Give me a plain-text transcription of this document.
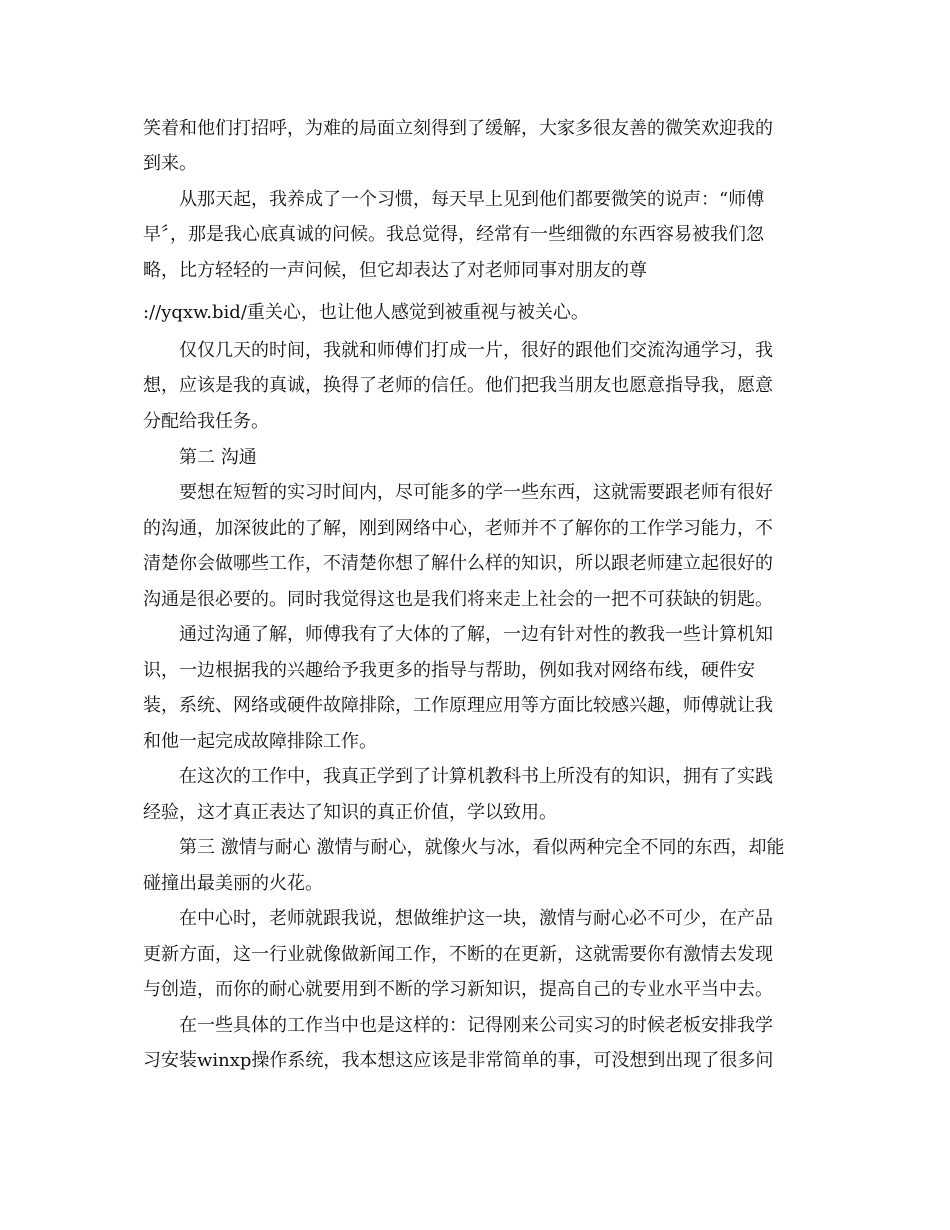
笑着和他们打招呼，为难的局面立刻得到了缓解，大家多很友善的微笑欢迎我的

到来。

从那天起，我养成了一个习惯，每天早上见到他们都要微笑的说声：“师傅

早〞，那是我心底真诚的问候。我总觉得，经常有一些细微的东西容易被我们忽

略，比方轻轻的一声问候，但它却表达了对老师同事对朋友的尊

://yqxw.bid/重关心，也让他人感觉到被重视与被关心。

仅仅几天的时间，我就和师傅们打成一片，很好的跟他们交流沟通学习，我

想，应该是我的真诚，换得了老师的信任。他们把我当朋友也愿意指导我，愿意

分配给我任务。

第二 沟通

要想在短暂的实习时间内，尽可能多的学一些东西，这就需要跟老师有很好

的沟通，加深彼此的了解，刚到网络中心，老师并不了解你的工作学习能力，不

清楚你会做哪些工作，不清楚你想了解什么样的知识，所以跟老师建立起很好的

沟通是很必要的。同时我觉得这也是我们将来走上社会的一把不可获缺的钥匙。

通过沟通了解，师傅我有了大体的了解，一边有针对性的教我一些计算机知

识，一边根据我的兴趣给予我更多的指导与帮助，例如我对网络布线，硬件安

装，系统、网络或硬件故障排除，工作原理应用等方面比较感兴趣，师傅就让我

和他一起完成故障排除工作。

在这次的工作中，我真正学到了计算机教科书上所没有的知识，拥有了实践

经验，这才真正表达了知识的真正价值，学以致用。

第三 激情与耐心 激情与耐心，就像火与冰，看似两种完全不同的东西，却能

碰撞出最美丽的火花。

在中心时，老师就跟我说，想做维护这一块，激情与耐心必不可少，在产品

更新方面，这一行业就像做新闻工作，不断的在更新，这就需要你有激情去发现

与创造，而你的耐心就要用到不断的学习新知识，提高自己的专业水平当中去。

在一些具体的工作当中也是这样的：记得刚来公司实习的时候老板安排我学

习安装winxp操作系统，我本想这应该是非常简单的事，可没想到出现了很多问
